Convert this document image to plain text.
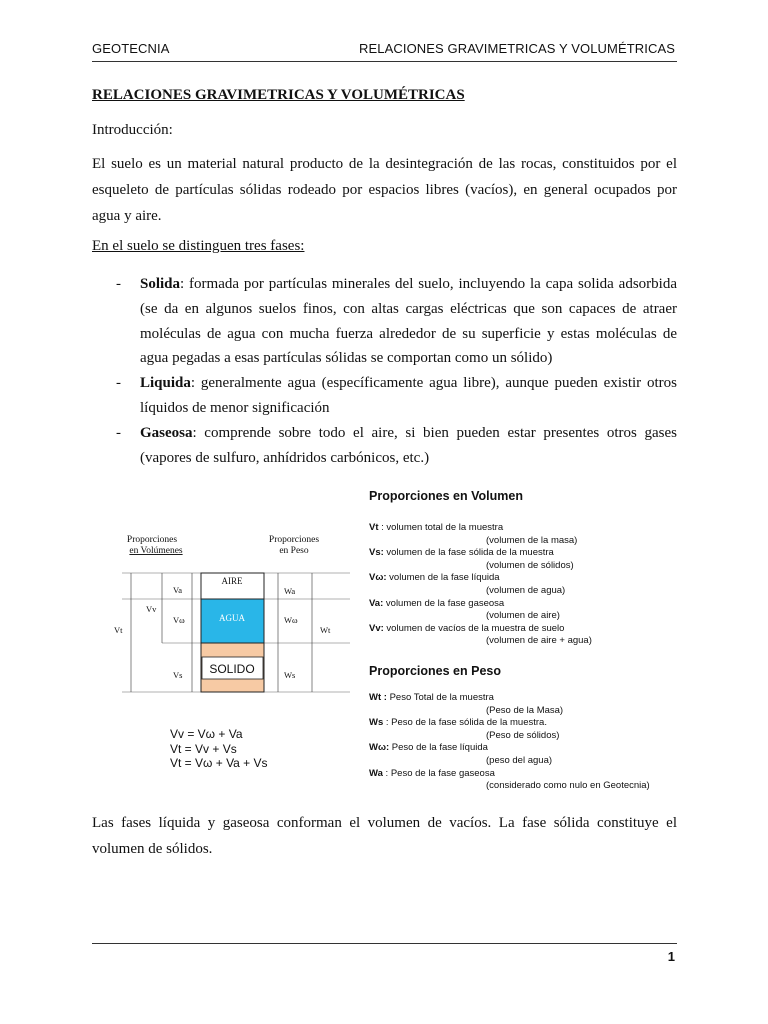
GEOTECNIA	RELACIONES GRAVIMETRICAS Y VOLUMÉTRICAS
RELACIONES GRAVIMETRICAS Y VOLUMÉTRICAS
Introducción:
El suelo es un material natural producto de la desintegración de las rocas, constituidos por el esqueleto de partículas sólidas rodeado por espacios libres (vacíos), en general ocupados por agua y aire.
En el suelo se distinguen tres fases:
-	Solida: formada por partículas minerales del suelo, incluyendo la capa solida adsorbida (se da en algunos suelos finos, con altas cargas eléctricas que son capaces de atraer moléculas de agua con mucha fuerza alrededor de su superficie y estas moléculas de agua pegadas a esas partículas sólidas se comportan como un sólido)
-	Liquida: generalmente agua (específicamente agua libre), aunque pueden existir otros líquidos de menor significación
-	Gaseosa: comprende sobre todo el aire, si bien pueden estar presentes otros gases (vapores de sulfuro, anhídridos carbónicos, etc.)
Proporciones
en Volúmenes
Proporciones
en Peso
AIRE
AGUA
SOLIDO
Vt
Vv
Va
Vω
Vs
Wa
Wω
Ws
Wt
Vv = Vω + Va
Vt = Vv + Vs
Vt = Vω + Va + Vs
Proporciones en Volumen
Vt : volumen total de la muestra
(volumen de la masa)
Vs: volumen de la fase sólida de la muestra
(volumen de sólidos)
Vω: volumen de la fase líquida
(volumen de agua)
Va: volumen de la fase gaseosa
(volumen de aire)
Vv: volumen de vacíos de la muestra de suelo
(volumen de aire + agua)
Proporciones en Peso
Wt : Peso Total de la muestra
(Peso de la Masa)
Ws : Peso de la fase sólida de la muestra.
(Peso de sólidos)
Wω: Peso de la fase líquida
(peso del agua)
Wa : Peso de la fase gaseosa
(considerado como nulo en Geotecnia)
Las fases líquida y gaseosa conforman el volumen de vacíos. La fase sólida constituye el volumen de sólidos.
1
